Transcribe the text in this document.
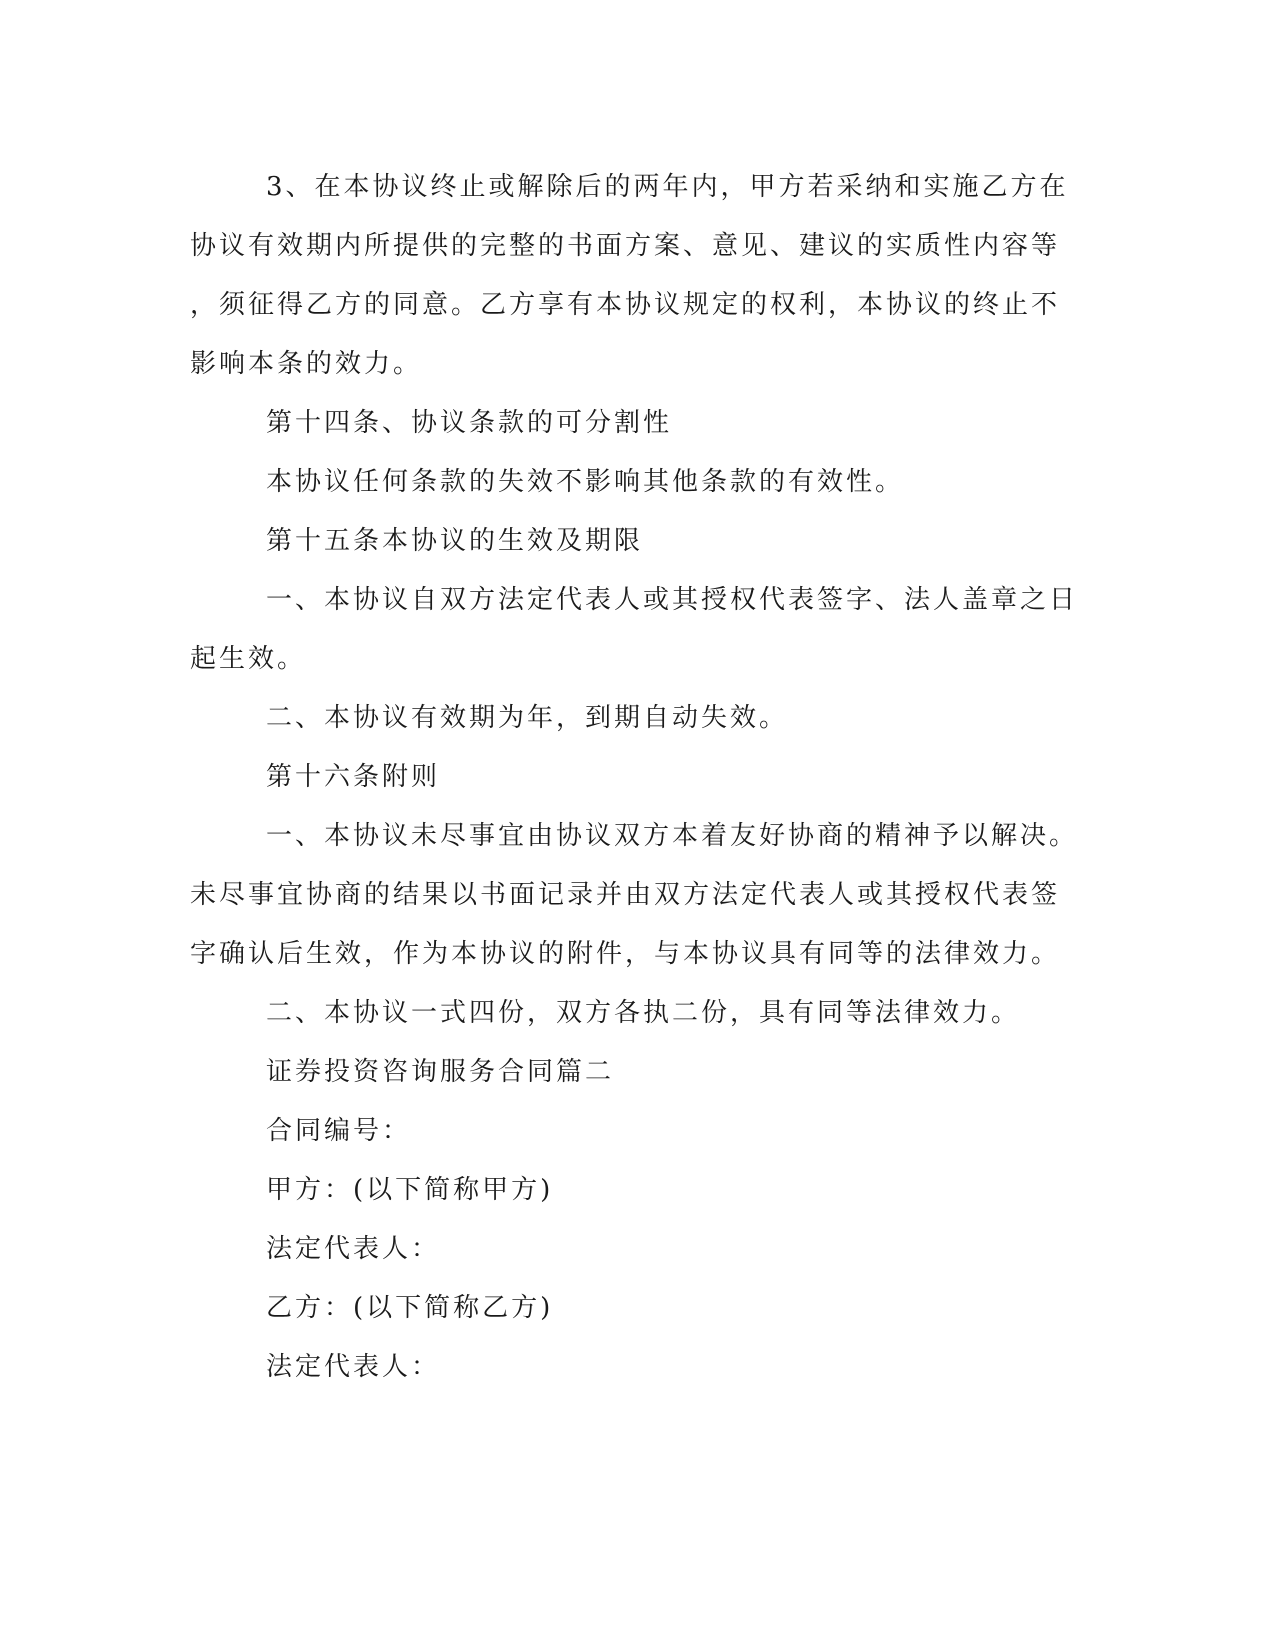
3、在本协议终止或解除后的两年内，甲方若采纳和实施乙方在
协议有效期内所提供的完整的书面方案、意见、建议的实质性内容等
，须征得乙方的同意。乙方享有本协议规定的权利，本协议的终止不
影响本条的效力。
第十四条、协议条款的可分割性
本协议任何条款的失效不影响其他条款的有效性。
第十五条本协议的生效及期限
一、本协议自双方法定代表人或其授权代表签字、法人盖章之日
起生效。
二、本协议有效期为年，到期自动失效。
第十六条附则
一、本协议未尽事宜由协议双方本着友好协商的精神予以解决。
未尽事宜协商的结果以书面记录并由双方法定代表人或其授权代表签
字确认后生效，作为本协议的附件，与本协议具有同等的法律效力。
二、本协议一式四份，双方各执二份，具有同等法律效力。
证券投资咨询服务合同篇二
合同编号：
甲方：(以下简称甲方)
法定代表人：
乙方：(以下简称乙方)
法定代表人：
